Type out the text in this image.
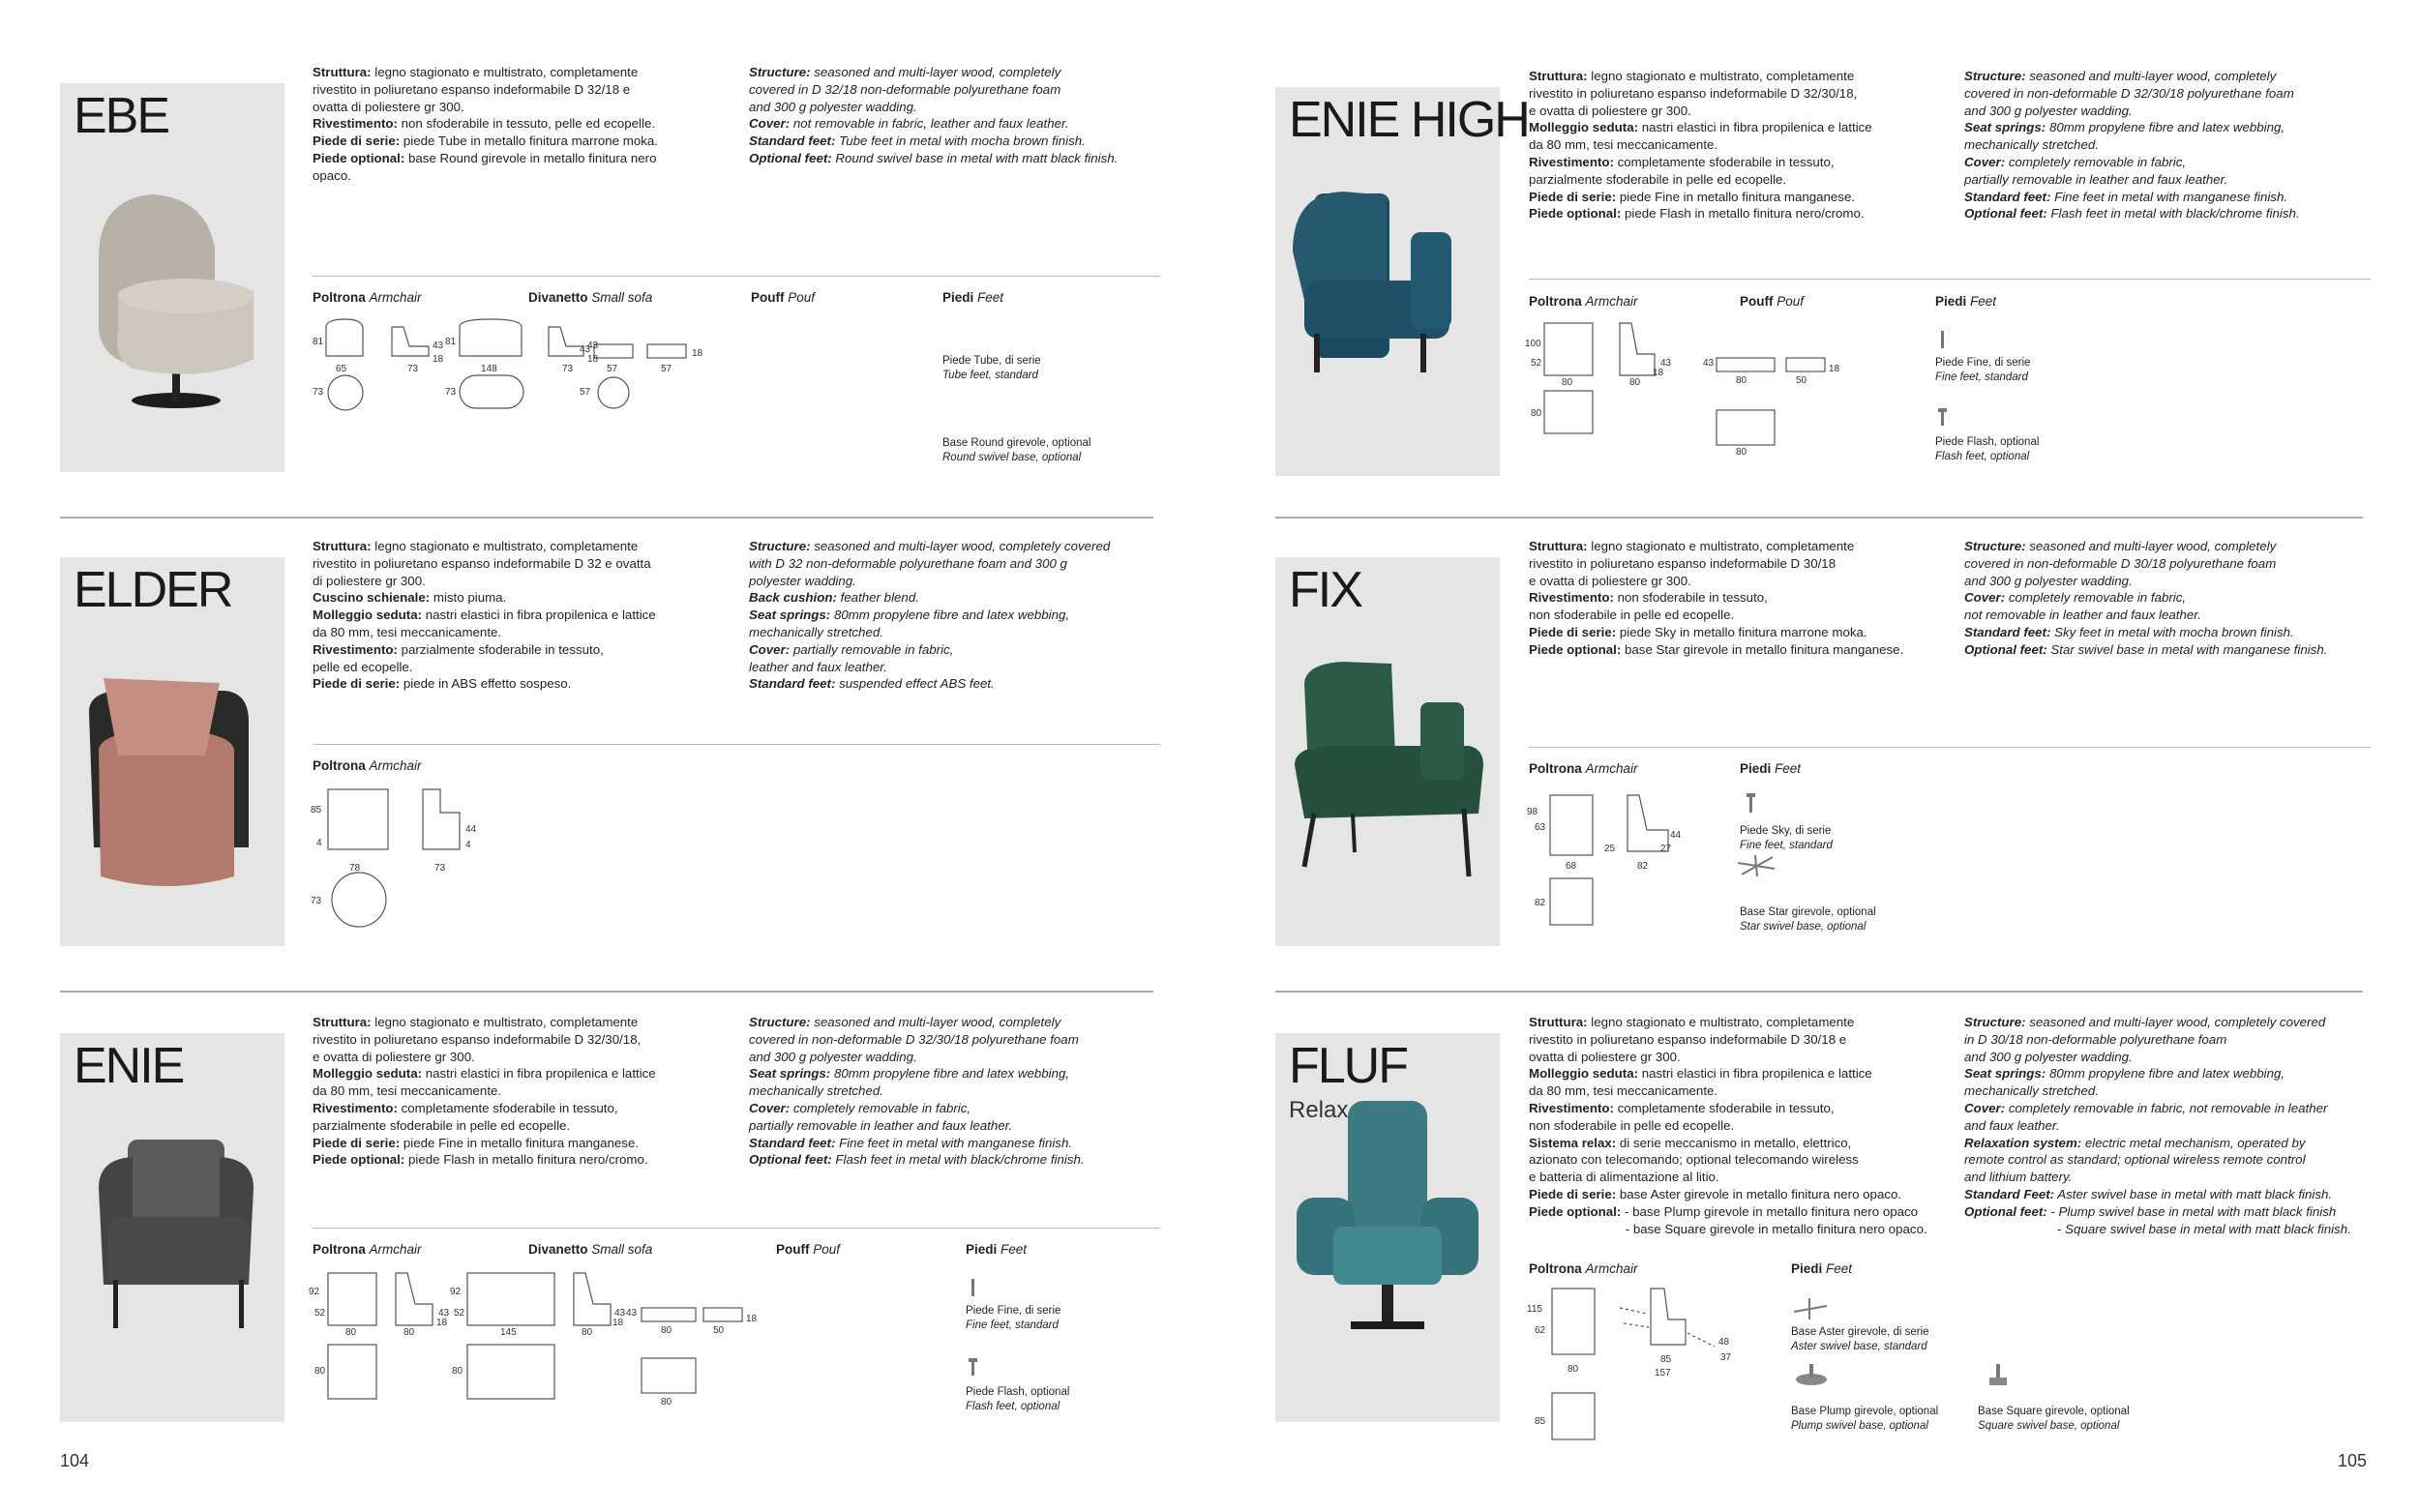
EBE
Struttura: legno stagionato e multistrato, completamente
rivestito in poliuretano espanso indeformabile D 32/18 e
ovatta di poliestere gr 300.
Rivestimento: non sfoderabile in tessuto, pelle ed ecopelle.
Piede di serie: piede Tube in metallo finitura marrone moka.
Piede optional: base Round girevole in metallo finitura nero
opaco.
Structure: seasoned and multi-layer wood, completely
covered in D 32/18 non-deformable polyurethane foam
and 300 g polyester wadding.
Cover: not removable in fabric, leather and faux leather.
Standard feet: Tube feet in metal with mocha brown finish.
Optional feet: Round swivel base in metal with matt black finish.
Poltrona Armchair	Divanetto Small sofa	Pouff Pouf	Piedi Feet
81
65
73
43
18
73
81
148
73
43
18
73
43
57	57
18
57
Piede Tube, di serie
Tube feet, standard
Base Round girevole, optional
Round swivel base, optional
ENIE HIGH
Struttura: legno stagionato e multistrato, completamente
rivestito in poliuretano espanso indeformabile D 32/30/18,
e ovatta di poliestere gr 300.
Molleggio seduta: nastri elastici in fibra propilenica e lattice
da 80 mm, tesi meccanicamente.
Rivestimento: completamente sfoderabile in tessuto,
parzialmente sfoderabile in pelle ed ecopelle.
Piede di serie: piede Fine in metallo finitura manganese.
Piede optional: piede Flash in metallo finitura nero/cromo.
Structure: seasoned and multi-layer wood, completely
covered in non-deformable D 32/30/18 polyurethane foam
and 300 g polyester wadding.
Seat springs: 80mm propylene fibre and latex webbing,
mechanically stretched.
Cover: completely removable in fabric,
partially removable in leather and faux leather.
Standard feet: Fine feet in metal with manganese finish.
Optional feet: Flash feet in metal with black/chrome finish.
Poltrona Armchair	Pouff Pouf	Piedi Feet
100
52
80	80
43
18
80
43
80	50
18
80
Piede Fine, di serie
Fine feet, standard
Piede Flash, optional
Flash feet, optional
ELDER
Struttura: legno stagionato e multistrato, completamente
rivestito in poliuretano espanso indeformabile D 32 e ovatta
di poliestere gr 300.
Cuscino schienale: misto piuma.
Molleggio seduta: nastri elastici in fibra propilenica e lattice
da 80 mm, tesi meccanicamente.
Rivestimento: parzialmente sfoderabile in tessuto,
pelle ed ecopelle.
Piede di serie: piede in ABS effetto sospeso.
Structure: seasoned and multi-layer wood, completely covered
with D 32 non-deformable polyurethane foam and 300 g
polyester wadding.
Back cushion: feather blend.
Seat springs: 80mm propylene fibre and latex webbing,
mechanically stretched.
Cover: partially removable in fabric,
leather and faux leather.
Standard feet: suspended effect ABS feet.
Poltrona Armchair
85
4
78	73
44
4
73
FIX
Struttura: legno stagionato e multistrato, completamente
rivestito in poliuretano espanso indeformabile D 30/18
e ovatta di poliestere gr 300.
Rivestimento: non sfoderabile in tessuto,
non sfoderabile in pelle ed ecopelle.
Piede di serie: piede Sky in metallo finitura marrone moka.
Piede optional: base Star girevole in metallo finitura manganese.
Structure: seasoned and multi-layer wood, completely
covered in non-deformable D 30/18 polyurethane foam
and 300 g polyester wadding.
Cover: completely removable in fabric,
not removable in leather and faux leather.
Standard feet: Sky feet in metal with mocha brown finish.
Optional feet: Star swivel base in metal with manganese finish.
Poltrona Armchair	Piedi Feet
98
63
68	82
25
44
27
82
Piede Sky, di serie
Fine feet, standard
Base Star girevole, optional
Star swivel base, optional
ENIE
Struttura: legno stagionato e multistrato, completamente
rivestito in poliuretano espanso indeformabile D 32/30/18,
e ovatta di poliestere gr 300.
Molleggio seduta: nastri elastici in fibra propilenica e lattice
da 80 mm, tesi meccanicamente.
Rivestimento: completamente sfoderabile in tessuto,
parzialmente sfoderabile in pelle ed ecopelle.
Piede di serie: piede Fine in metallo finitura manganese.
Piede optional: piede Flash in metallo finitura nero/cromo.
Structure: seasoned and multi-layer wood, completely
covered in non-deformable D 32/30/18 polyurethane foam
and 300 g polyester wadding.
Seat springs: 80mm propylene fibre and latex webbing,
mechanically stretched.
Cover: completely removable in fabric,
partially removable in leather and faux leather.
Standard feet: Fine feet in metal with manganese finish.
Optional feet: Flash feet in metal with black/chrome finish.
Poltrona Armchair	Divanetto Small sofa	Pouff Pouf	Piedi Feet
92
52
80	80
43
18
80
92
52
145	80
43
18
80
43
80	50
18
80
Piede Fine, di serie
Fine feet, standard
Piede Flash, optional
Flash feet, optional
FLUF
Relax
Struttura: legno stagionato e multistrato, completamente
rivestito in poliuretano espanso indeformabile D 30/18 e
ovatta di poliestere gr 300.
Molleggio seduta: nastri elastici in fibra propilenica e lattice
da 80 mm, tesi meccanicamente.
Rivestimento: completamente sfoderabile in tessuto,
non sfoderabile in pelle ed ecopelle.
Sistema relax: di serie meccanismo in metallo, elettrico,
azionato con telecomando; optional telecomando wireless
e batteria di alimentazione al litio.
Piede di serie: base Aster girevole in metallo finitura nero opaco.
Piede optional: - base Plump girevole in metallo finitura nero opaco
- base Square girevole in metallo finitura nero opaco.
Structure: seasoned and multi-layer wood, completely covered
in D 30/18 non-deformable polyurethane foam
and 300 g polyester wadding.
Seat springs: 80mm propylene fibre and latex webbing,
mechanically stretched.
Cover: completely removable in fabric, not removable in leather
and faux leather.
Relaxation system: electric metal mechanism, operated by
remote control as standard; optional wireless remote control
and lithium battery.
Standard Feet: Aster swivel base in metal with matt black finish.
Optional feet: - Plump swivel base in metal with matt black finish
- Square swivel base in metal with matt black finish.
Poltrona Armchair	Piedi Feet
115
62
80
85
157
48
37
85
Base Aster girevole, di serie
Aster swivel base, standard
Base Plump girevole, optional
Plump swivel base, optional
Base Square girevole, optional
Square swivel base, optional
104	105
